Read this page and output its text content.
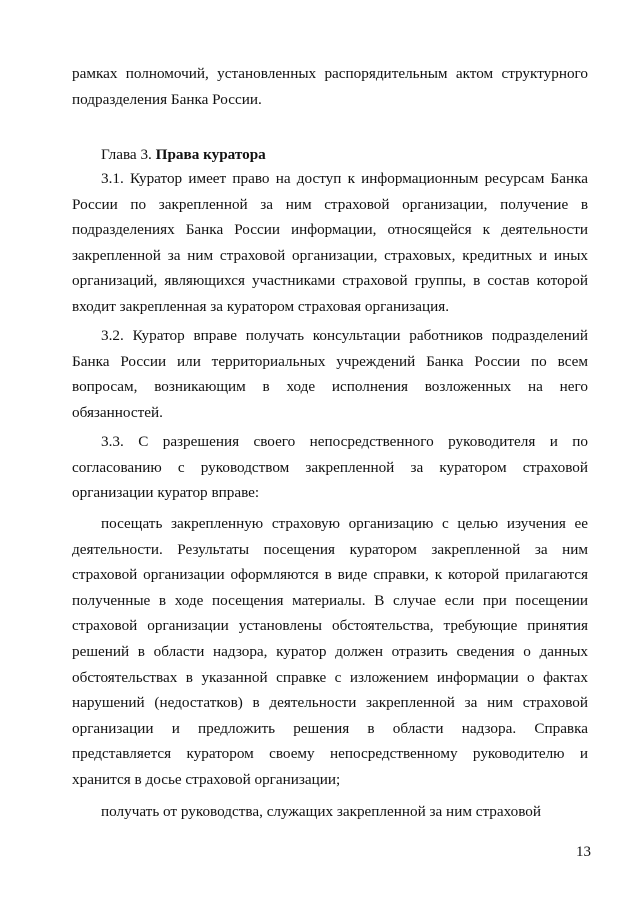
рамках полномочий, установленных распорядительным актом структурного подразделения Банка России.
Глава 3. Права куратора
3.1. Куратор имеет право на доступ к информационным ресурсам Банка России по закрепленной за ним страховой организации, получение в подразделениях Банка России информации, относящейся к деятельности закрепленной за ним страховой организации, страховых, кредитных и иных организаций, являющихся участниками страховой группы, в состав которой входит закрепленная за куратором страховая организация.
3.2. Куратор вправе получать консультации работников подразделений Банка России или территориальных учреждений Банка России по всем вопросам, возникающим в ходе исполнения возложенных на него обязанностей.
3.3. С разрешения своего непосредственного руководителя и по согласованию с руководством закрепленной за куратором страховой организации куратор вправе:
посещать закрепленную страховую организацию с целью изучения ее деятельности. Результаты посещения куратором закрепленной за ним страховой организации оформляются в виде справки, к которой прилагаются полученные в ходе посещения материалы. В случае если при посещении страховой организации установлены обстоятельства, требующие принятия решений в области надзора, куратор должен отразить сведения о данных обстоятельствах в указанной справке с изложением информации о фактах нарушений (недостатков) в деятельности закрепленной за ним страховой организации и предложить решения в области надзора. Справка представляется куратором своему непосредственному руководителю и хранится в досье страховой организации;
получать от руководства, служащих закрепленной за ним страховой
13
